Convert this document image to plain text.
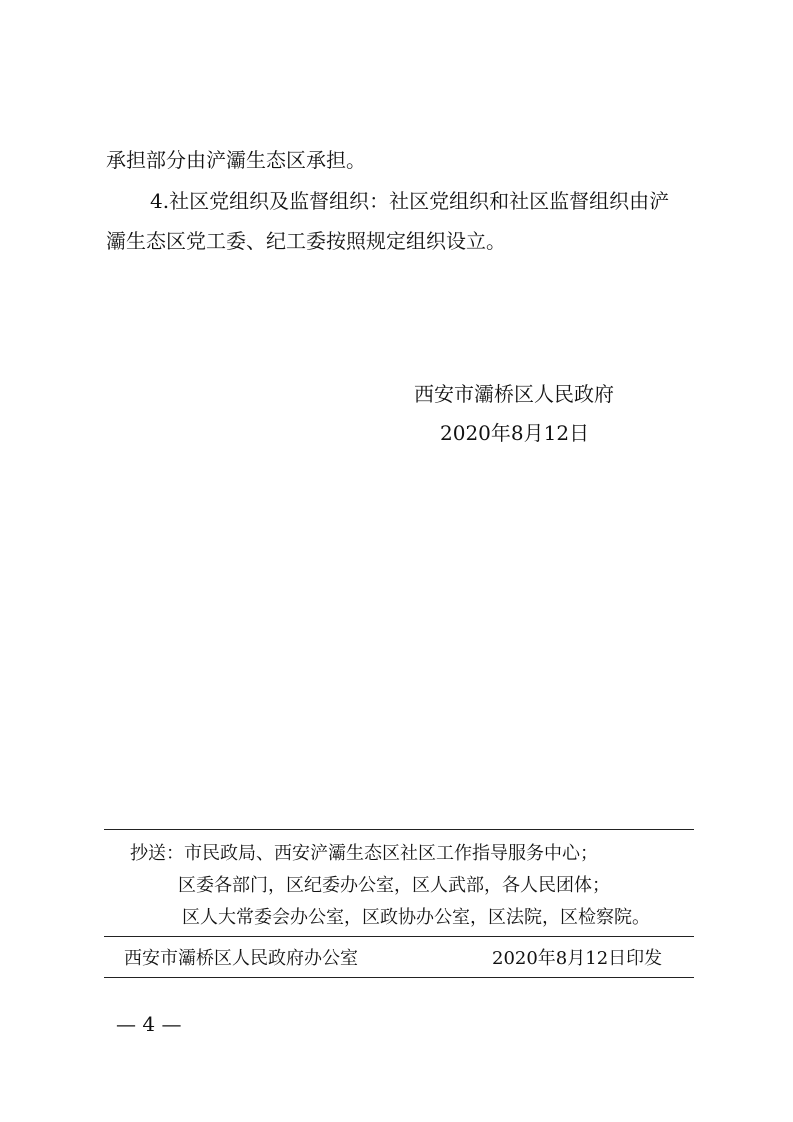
承担部分由浐灞生态区承担。
4.社区党组织及监督组织：社区党组织和社区监督组织由浐
灞生态区党工委、纪工委按照规定组织设立。
西安市灞桥区人民政府
2020年8月12日
抄送：市民政局、西安浐灞生态区社区工作指导服务中心；
区委各部门，区纪委办公室，区人武部，各人民团体；
区人大常委会办公室，区政协办公室，区法院，区检察院。
西安市灞桥区人民政府办公室	2020年8月12日印发
— 4 —
